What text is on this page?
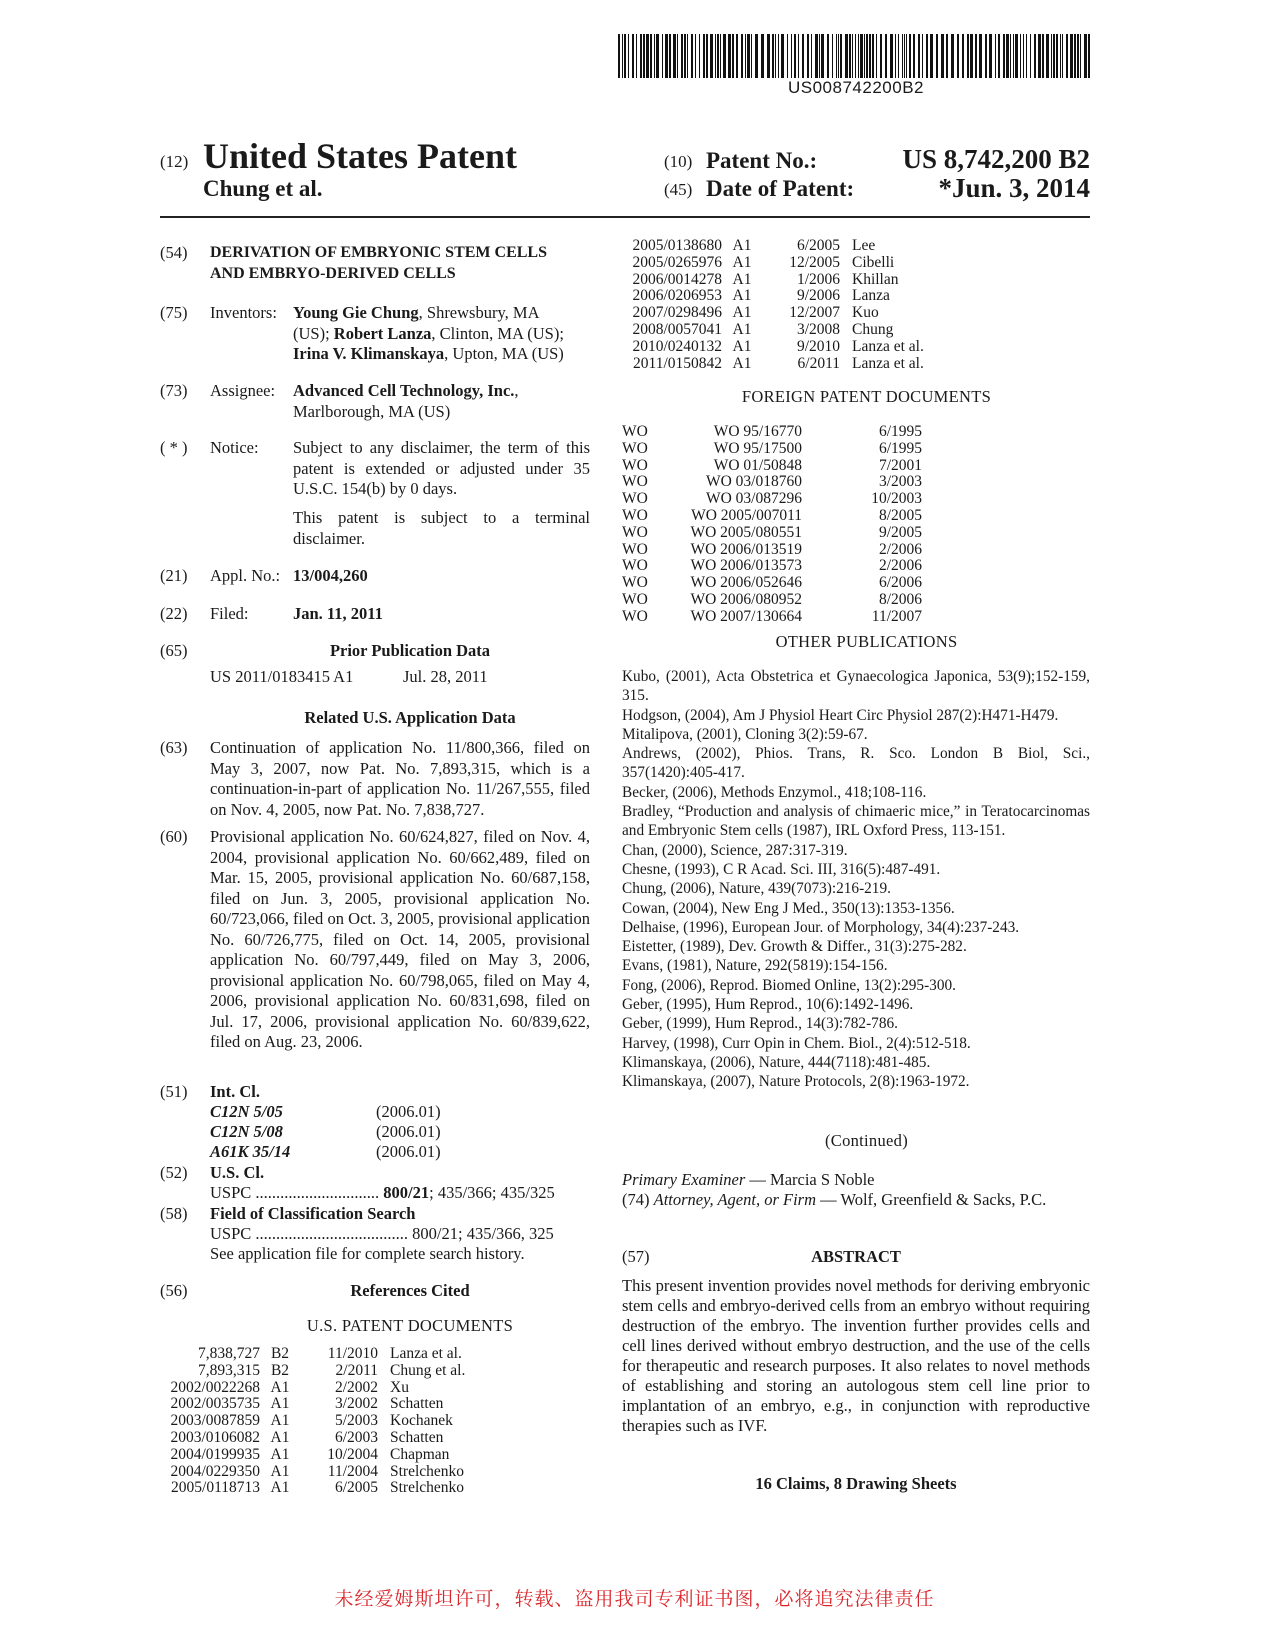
US008742200B2
(12) United States Patent
Chung et al.
(10) Patent No.:	US 8,742,200 B2
(45) Date of Patent:	*Jun. 3, 2014
(54)	DERIVATION OF EMBRYONIC STEM CELLS
AND EMBRYO-DERIVED CELLS
(75)	Inventors: Young Gie Chung, Shrewsbury, MA
(US); Robert Lanza, Clinton, MA (US);
Irina V. Klimanskaya, Upton, MA (US)
(73)	Assignee: Advanced Cell Technology, Inc.,
Marlborough, MA (US)
( * )	Notice: Subject to any disclaimer, the term of this patent is extended or adjusted under 35 U.S.C. 154(b) by 0 days.
This patent is subject to a terminal disclaimer.
(21)	Appl. No.: 13/004,260
(22)	Filed:	Jan. 11, 2011
(65)	Prior Publication Data
US 2011/0183415 A1	Jul. 28, 2011
Related U.S. Application Data
(63)	Continuation of application No. 11/800,366, filed on May 3, 2007, now Pat. No. 7,893,315, which is a continuation-in-part of application No. 11/267,555, filed on Nov. 4, 2005, now Pat. No. 7,838,727.
(60)	Provisional application No. 60/624,827, filed on Nov. 4, 2004, provisional application No. 60/662,489, filed on Mar. 15, 2005, provisional application No. 60/687,158, filed on Jun. 3, 2005, provisional application No. 60/723,066, filed on Oct. 3, 2005, provisional application No. 60/726,775, filed on Oct. 14, 2005, provisional application No. 60/797,449, filed on May 3, 2006, provisional application No. 60/798,065, filed on May 4, 2006, provisional application No. 60/831,698, filed on Jul. 17, 2006, provisional application No. 60/839,622, filed on Aug. 23, 2006.
(51)	Int. Cl.
C12N 5/05	(2006.01)
C12N 5/08	(2006.01)
A61K 35/14	(2006.01)
(52)	U.S. Cl.
USPC .............................. 800/21; 435/366; 435/325
(58)	Field of Classification Search
USPC ..................................... 800/21; 435/366, 325
See application file for complete search history.
(56)	References Cited
U.S. PATENT DOCUMENTS
7,838,727	B2	11/2010	Lanza et al.
7,893,315	B2	2/2011	Chung et al.
2002/0022268	A1	2/2002	Xu
2002/0035735	A1	3/2002	Schatten
2003/0087859	A1	5/2003	Kochanek
2003/0106082	A1	6/2003	Schatten
2004/0199935	A1	10/2004	Chapman
2004/0229350	A1	11/2004	Strelchenko
2005/0118713	A1	6/2005	Strelchenko
2005/0138680	A1	6/2005	Lee
2005/0265976	A1	12/2005	Cibelli
2006/0014278	A1	1/2006	Khillan
2006/0206953	A1	9/2006	Lanza
2007/0298496	A1	12/2007	Kuo
2008/0057041	A1	3/2008	Chung
2010/0240132	A1	9/2010	Lanza et al.
2011/0150842	A1	6/2011	Lanza et al.
FOREIGN PATENT DOCUMENTS
WO	WO 95/16770	6/1995
WO	WO 95/17500	6/1995
WO	WO 01/50848	7/2001
WO	WO 03/018760	3/2003
WO	WO 03/087296	10/2003
WO	WO 2005/007011	8/2005
WO	WO 2005/080551	9/2005
WO	WO 2006/013519	2/2006
WO	WO 2006/013573	2/2006
WO	WO 2006/052646	6/2006
WO	WO 2006/080952	8/2006
WO	WO 2007/130664	11/2007
OTHER PUBLICATIONS
Kubo, (2001), Acta Obstetrica et Gynaecologica Japonica, 53(9);152-159, 315.
Hodgson, (2004), Am J Physiol Heart Circ Physiol 287(2):H471-H479.
Mitalipova, (2001), Cloning 3(2):59-67.
Andrews, (2002), Phios. Trans, R. Sco. London B Biol, Sci., 357(1420):405-417.
Becker, (2006), Methods Enzymol., 418;108-116.
Bradley, “Production and analysis of chimaeric mice,” in Teratocarcinomas and Embryonic Stem cells (1987), IRL Oxford Press, 113-151.
Chan, (2000), Science, 287:317-319.
Chesne, (1993), C R Acad. Sci. III, 316(5):487-491.
Chung, (2006), Nature, 439(7073):216-219.
Cowan, (2004), New Eng J Med., 350(13):1353-1356.
Delhaise, (1996), European Jour. of Morphology, 34(4):237-243.
Eistetter, (1989), Dev. Growth & Differ., 31(3):275-282.
Evans, (1981), Nature, 292(5819):154-156.
Fong, (2006), Reprod. Biomed Online, 13(2):295-300.
Geber, (1995), Hum Reprod., 10(6):1492-1496.
Geber, (1999), Hum Reprod., 14(3):782-786.
Harvey, (1998), Curr Opin in Chem. Biol., 2(4):512-518.
Klimanskaya, (2006), Nature, 444(7118):481-485.
Klimanskaya, (2007), Nature Protocols, 2(8):1963-1972.
(Continued)
Primary Examiner — Marcia S Noble
(74) Attorney, Agent, or Firm — Wolf, Greenfield & Sacks, P.C.
(57)	ABSTRACT
This present invention provides novel methods for deriving embryonic stem cells and embryo-derived cells from an embryo without requiring destruction of the embryo. The invention further provides cells and cell lines derived without embryo destruction, and the use of the cells for therapeutic and research purposes. It also relates to novel methods of establishing and storing an autologous stem cell line prior to implantation of an embryo, e.g., in conjunction with reproductive therapies such as IVF.
16 Claims, 8 Drawing Sheets
未经爱姆斯坦许可，转载、盗用我司专利证书图，必将追究法律责任
